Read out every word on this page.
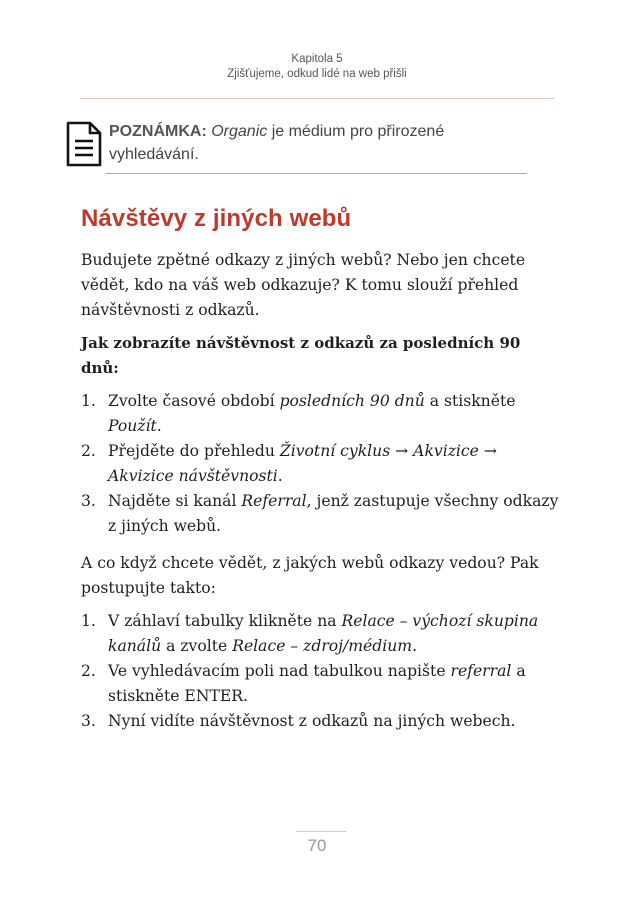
Kapitola 5
Zjišťujeme, odkud lidé na web přišli
POZNÁMKA: Organic je médium pro přirozené vyhledávání.
Návštěvy z jiných webů

Budujete zpětné odkazy z jiných webů? Nebo jen chcete vědět, kdo na váš web odkazuje? K tomu slouží přehled návštěvnosti z odkazů.

Jak zobrazíte návštěvnost z odkazů za posledních 90 dnů:

1. Zvolte časové období posledních 90 dnů a stiskněte Použít.
2. Přejděte do přehledu Životní cyklus → Akvizice → Akvizice návštěvnosti.
3. Najděte si kanál Referral, jenž zastupuje všechny odkazy z jiných webů.

A co když chcete vědět, z jakých webů odkazy vedou? Pak postupujte takto:

1. V záhlaví tabulky klikněte na Relace – výchozí skupina kanálů a zvolte Relace – zdroj/médium.
2. Ve vyhledávacím poli nad tabulkou napište referral a stiskněte ENTER.
3. Nyní vidíte návštěvnost z odkazů na jiných webech.
70
